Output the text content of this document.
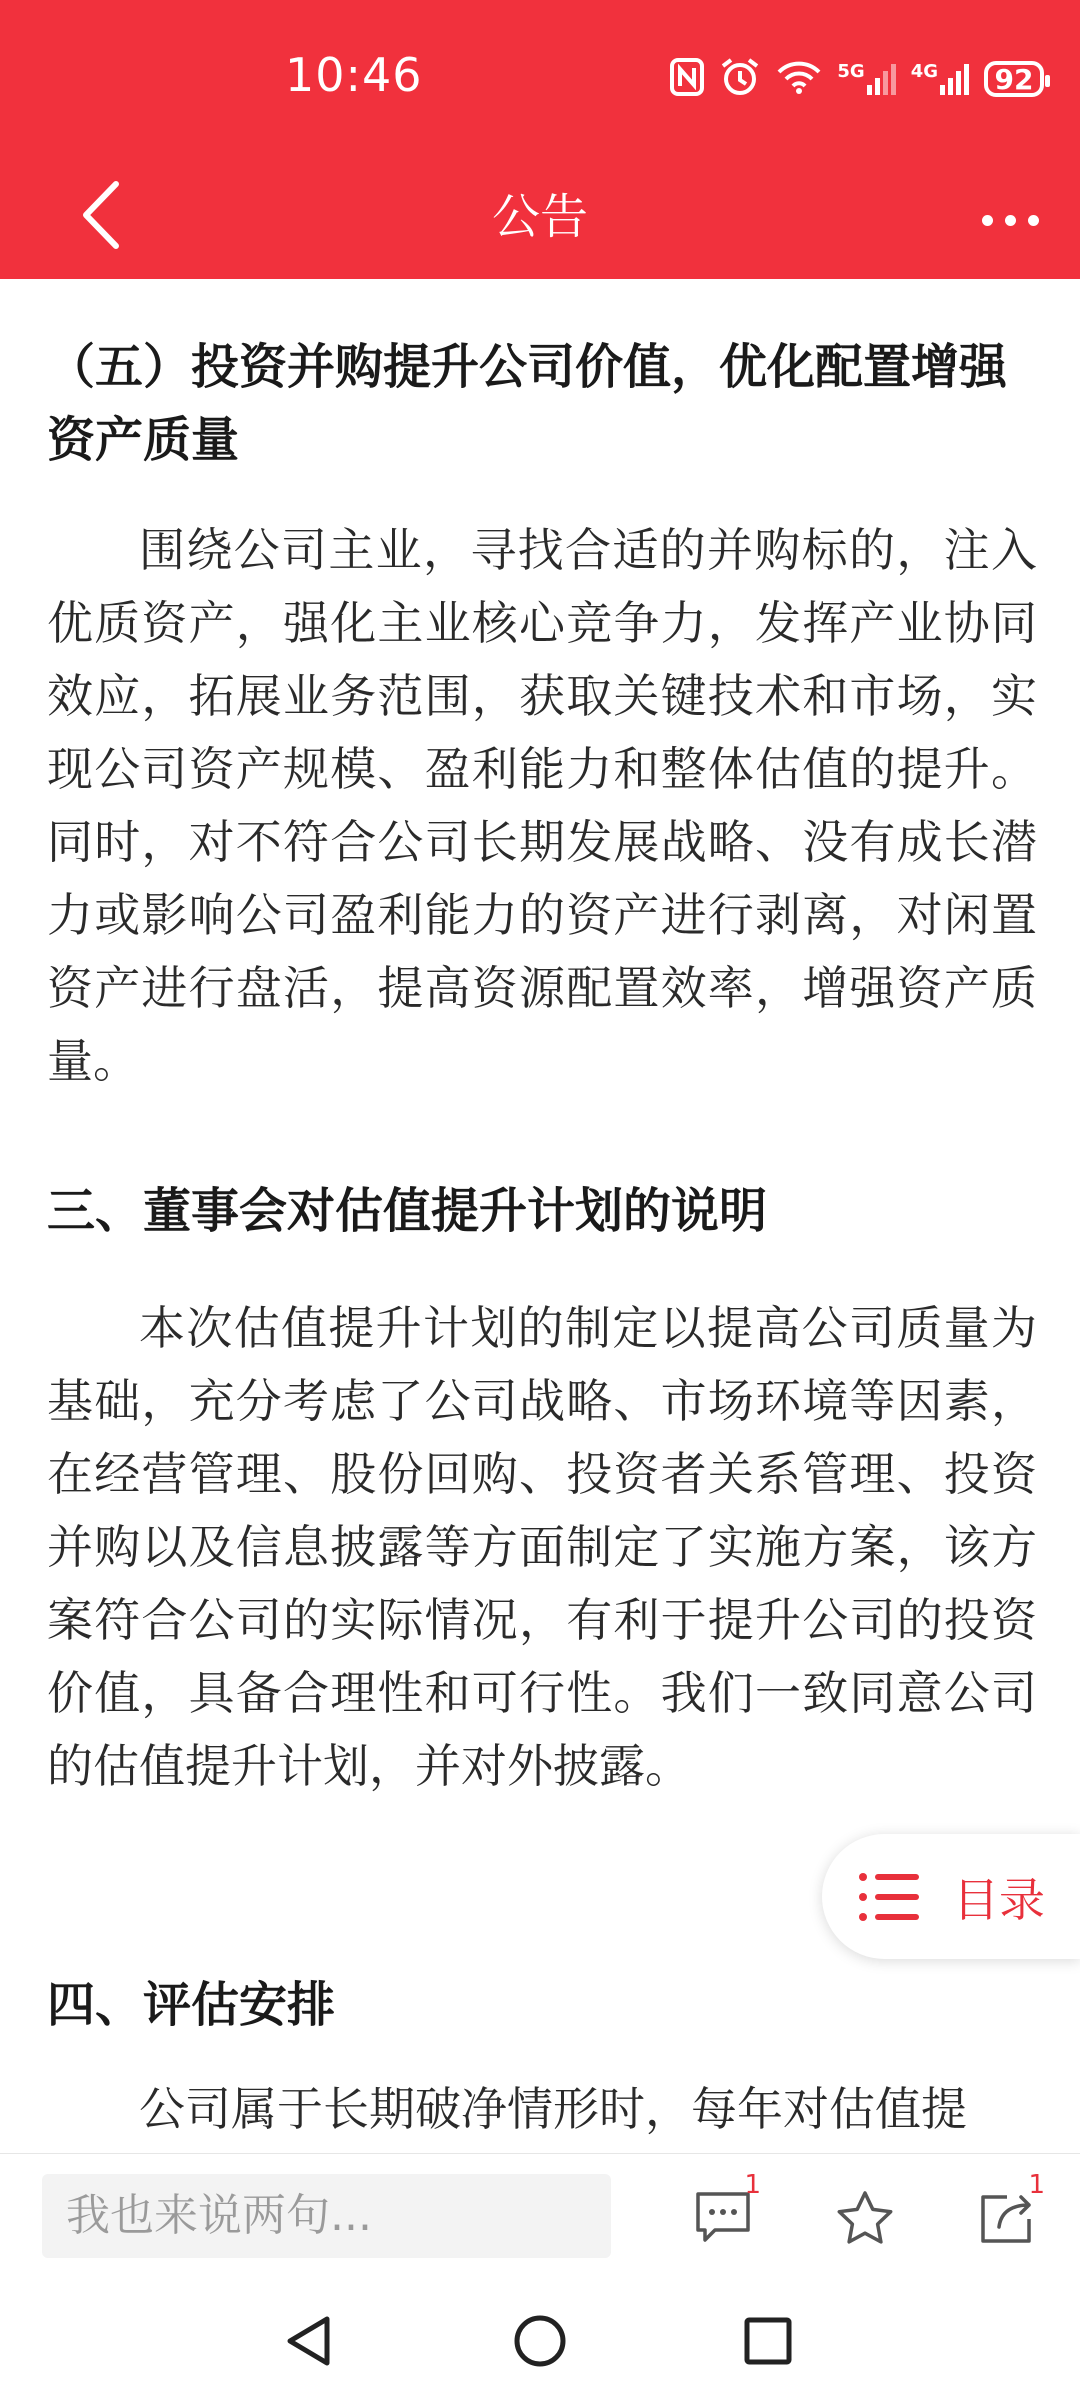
10:46	5G	4G	92
公告
（五）投资并购提升公司价值，优化配置增强资产质量

围绕公司主业，寻找合适的并购标的，注入优质资产，强化主业核心竞争力，发挥产业协同效应，拓展业务范围，获取关键技术和市场，实现公司资产规模、盈利能力和整体估值的提升。同时，对不符合公司长期发展战略、没有成长潜力或影响公司盈利能力的资产进行剥离，对闲置资产进行盘活，提高资源配置效率，增强资产质量。

三、董事会对估值提升计划的说明

本次估值提升计划的制定以提高公司质量为基础，充分考虑了公司战略、市场环境等因素，在经营管理、股份回购、投资者关系管理、投资并购以及信息披露等方面制定了实施方案，该方案符合公司的实际情况，有利于提升公司的投资价值，具备合理性和可行性。我们一致同意公司的估值提升计划，并对外披露。

四、评估安排

公司属于长期破净情形时，每年对估值提

目录
我也来说两句...
1	1
